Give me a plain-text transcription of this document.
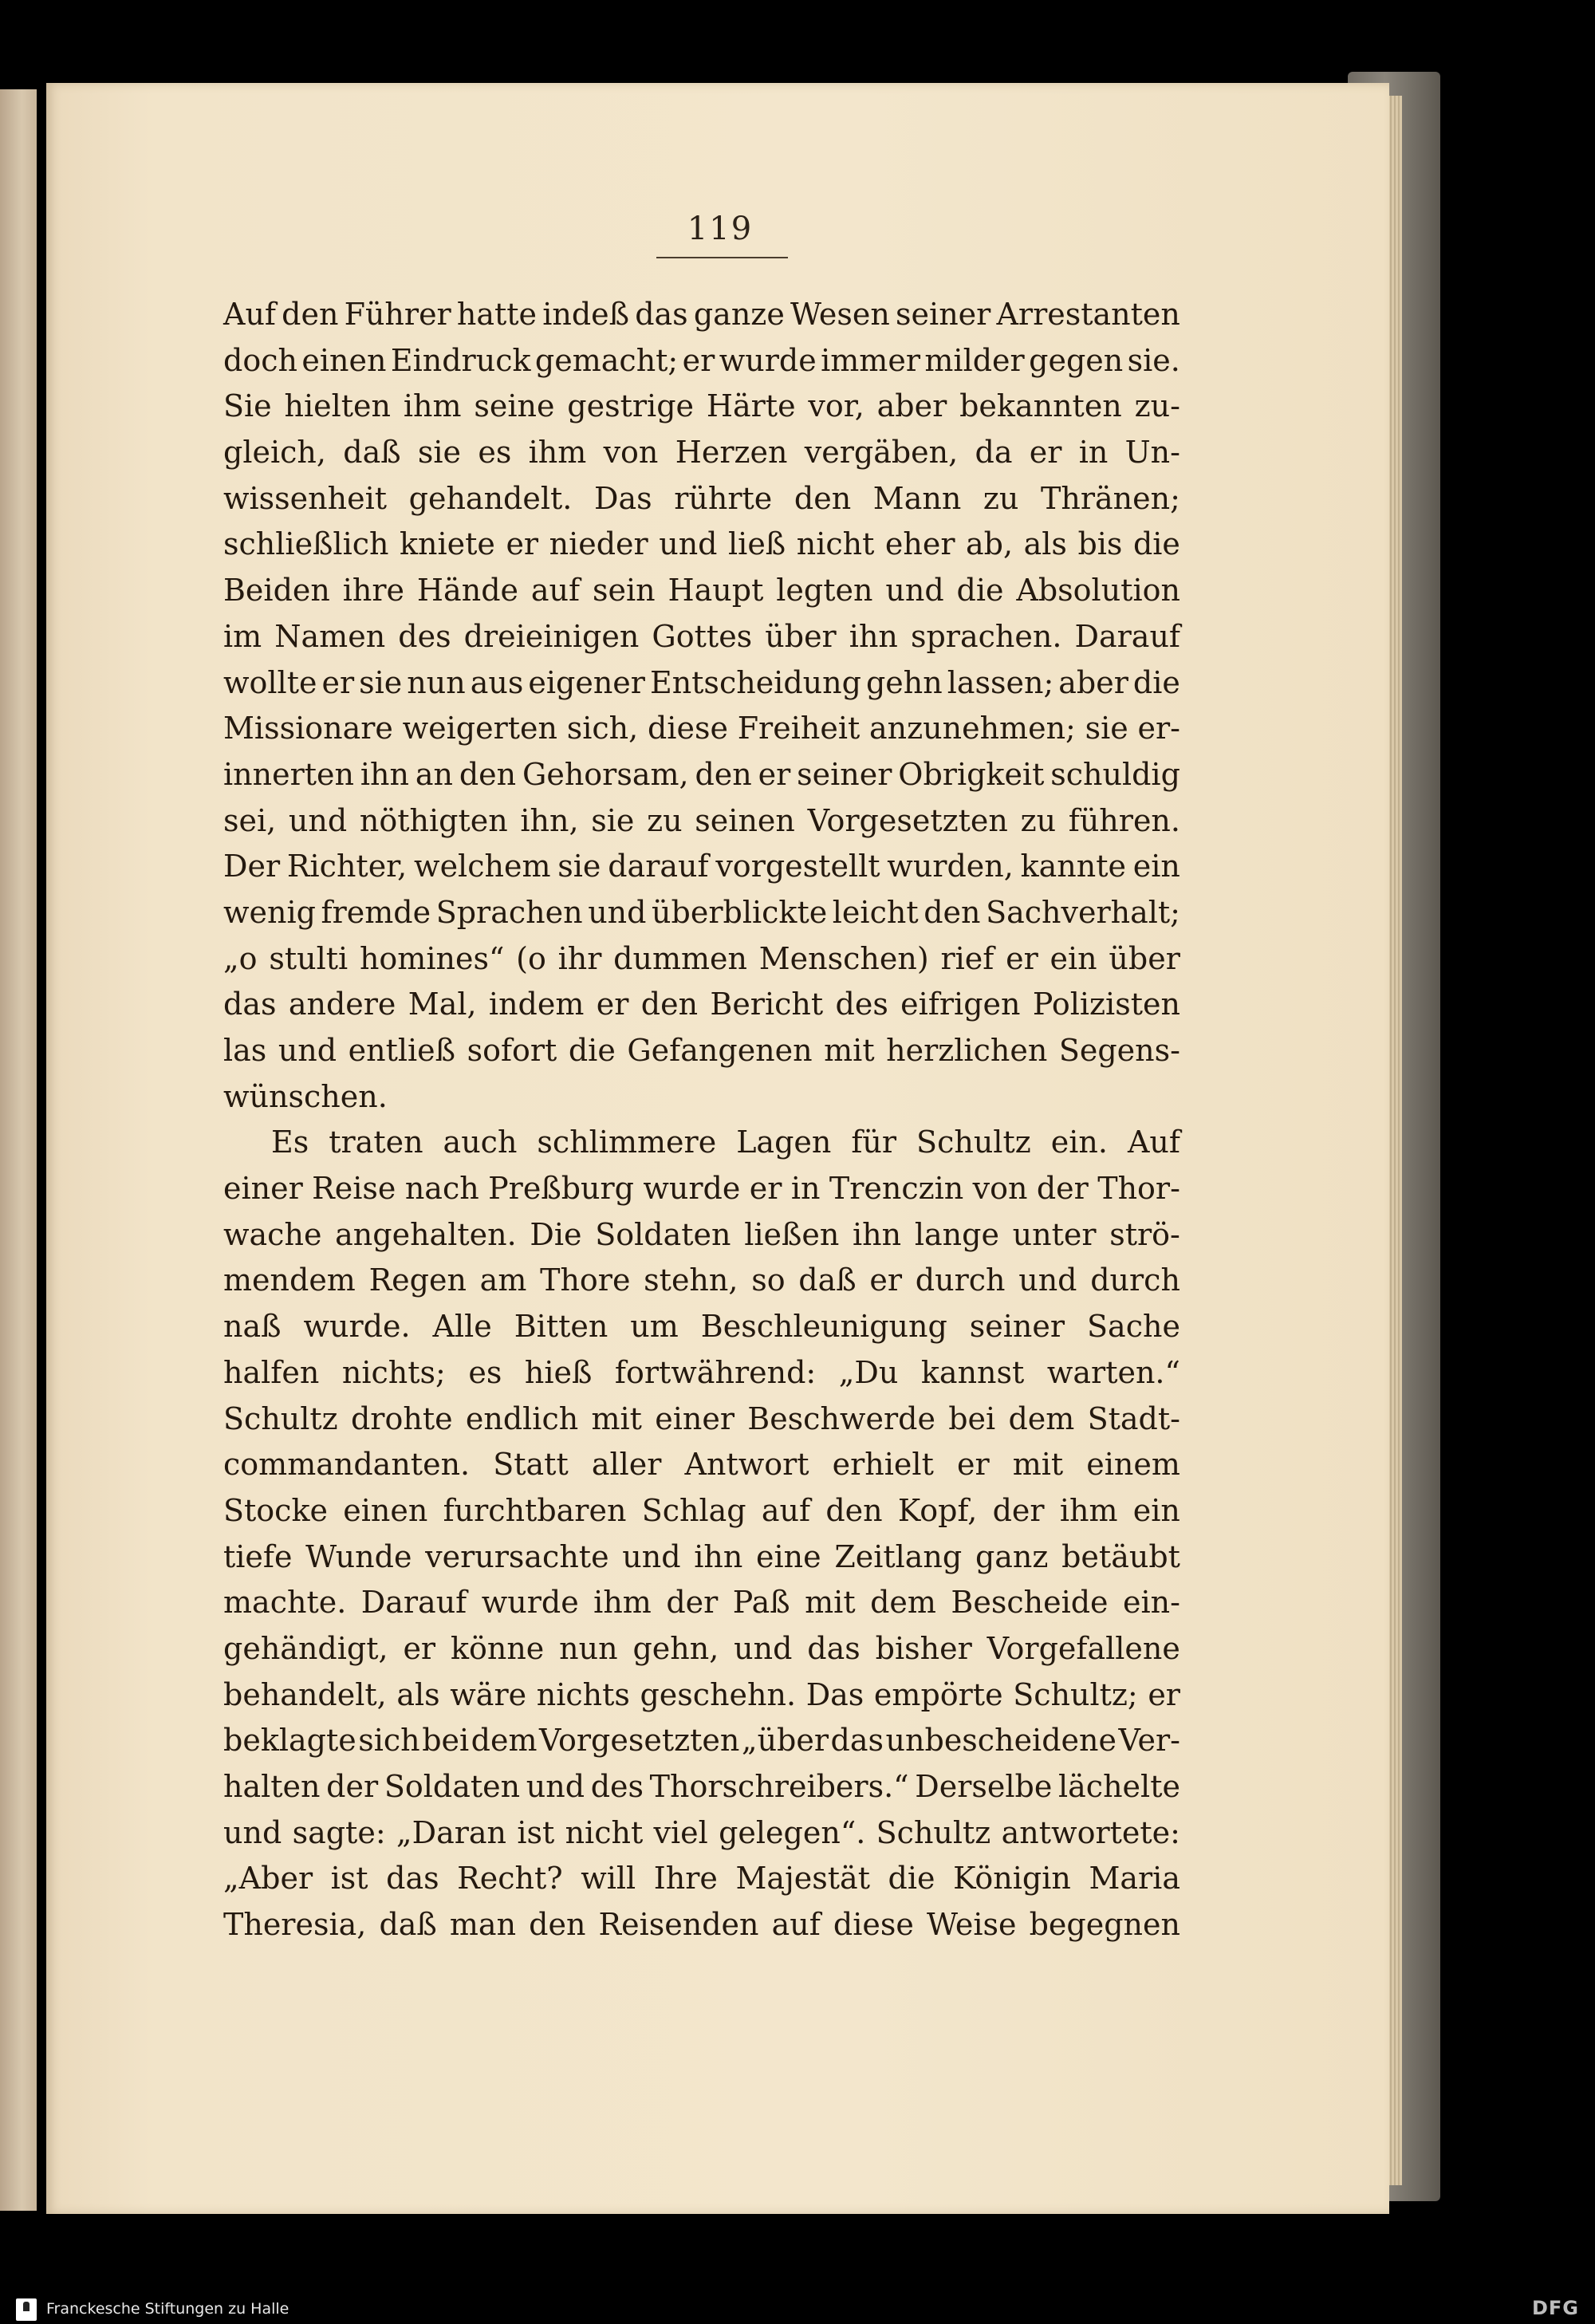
119
Auf den Führer hatte indeß das ganze Wesen seiner Arrestanten
doch einen Eindruck gemacht; er wurde immer milder gegen sie.
Sie hielten ihm seine gestrige Härte vor, aber bekannten zu-
gleich, daß sie es ihm von Herzen vergäben, da er in Un-
wissenheit gehandelt. Das rührte den Mann zu Thränen;
schließlich kniete er nieder und ließ nicht eher ab, als bis die
Beiden ihre Hände auf sein Haupt legten und die Absolution
im Namen des dreieinigen Gottes über ihn sprachen. Darauf
wollte er sie nun aus eigener Entscheidung gehn lassen; aber die
Missionare weigerten sich, diese Freiheit anzunehmen; sie er-
innerten ihn an den Gehorsam, den er seiner Obrigkeit schuldig
sei, und nöthigten ihn, sie zu seinen Vorgesetzten zu führen.
Der Richter, welchem sie darauf vorgestellt wurden, kannte ein
wenig fremde Sprachen und überblickte leicht den Sachverhalt;
„o stulti homines“ (o ihr dummen Menschen) rief er ein über
das andere Mal, indem er den Bericht des eifrigen Polizisten
las und entließ sofort die Gefangenen mit herzlichen Segens-
wünschen.
Es traten auch schlimmere Lagen für Schultz ein. Auf
einer Reise nach Preßburg wurde er in Trenczin von der Thor-
wache angehalten. Die Soldaten ließen ihn lange unter strö-
mendem Regen am Thore stehn, so daß er durch und durch
naß wurde. Alle Bitten um Beschleunigung seiner Sache
halfen nichts; es hieß fortwährend: „Du kannst warten.“
Schultz drohte endlich mit einer Beschwerde bei dem Stadt-
commandanten. Statt aller Antwort erhielt er mit einem
Stocke einen furchtbaren Schlag auf den Kopf, der ihm ein
tiefe Wunde verursachte und ihn eine Zeitlang ganz betäubt
machte. Darauf wurde ihm der Paß mit dem Bescheide ein-
gehändigt, er könne nun gehn, und das bisher Vorgefallene
behandelt, als wäre nichts geschehn. Das empörte Schultz; er
beklagte sich bei dem Vorgesetzten „über das unbescheidene Ver-
halten der Soldaten und des Thorschreibers.“ Derselbe lächelte
und sagte: „Daran ist nicht viel gelegen“. Schultz antwortete:
„Aber ist das Recht? will Ihre Majestät die Königin Maria
Theresia, daß man den Reisenden auf diese Weise begegnen
Franckesche Stiftungen zu Halle	DFG
